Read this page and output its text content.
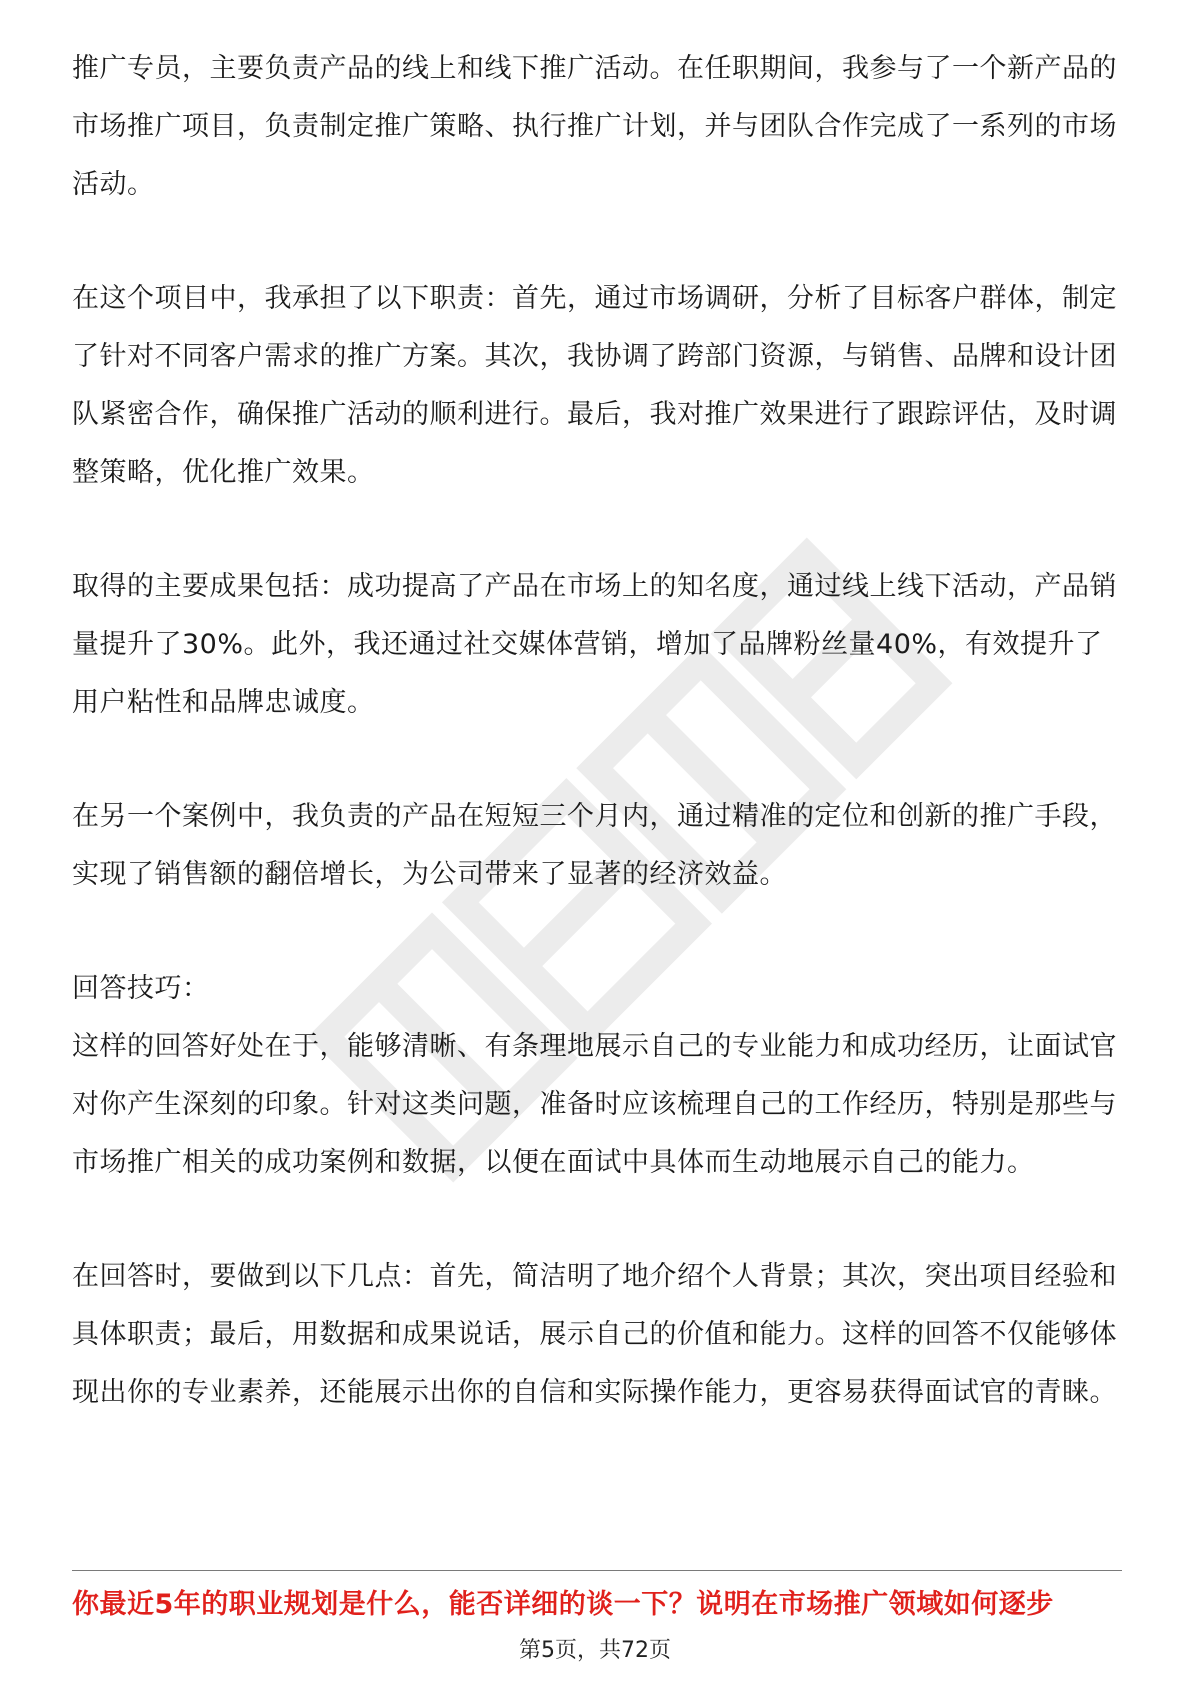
推广专员，主要负责产品的线上和线下推广活动。在任职期间，我参与了一个新产品的市场推广项目，负责制定推广策略、执行推广计划，并与团队合作完成了一系列的市场活动。

在这个项目中，我承担了以下职责：首先，通过市场调研，分析了目标客户群体，制定了针对不同客户需求的推广方案。其次，我协调了跨部门资源，与销售、品牌和设计团队紧密合作，确保推广活动的顺利进行。最后，我对推广效果进行了跟踪评估，及时调整策略，优化推广效果。

取得的主要成果包括：成功提高了产品在市场上的知名度，通过线上线下活动，产品销量提升了30%。此外，我还通过社交媒体营销，增加了品牌粉丝量40%，有效提升了用户粘性和品牌忠诚度。

在另一个案例中，我负责的产品在短短三个月内，通过精准的定位和创新的推广手段，实现了销售额的翻倍增长，为公司带来了显著的经济效益。

回答技巧：

这样的回答好处在于，能够清晰、有条理地展示自己的专业能力和成功经历，让面试官对你产生深刻的印象。针对这类问题，准备时应该梳理自己的工作经历，特别是那些与市场推广相关的成功案例和数据，以便在面试中具体而生动地展示自己的能力。

在回答时，要做到以下几点：首先，简洁明了地介绍个人背景；其次，突出项目经验和具体职责；最后，用数据和成果说话，展示自己的价值和能力。这样的回答不仅能够体现出你的专业素养，还能展示出你的自信和实际操作能力，更容易获得面试官的青睐。

你最近5年的职业规划是什么，能否详细的谈一下？说明在市场推广领域如何逐步
第5页，共72页
